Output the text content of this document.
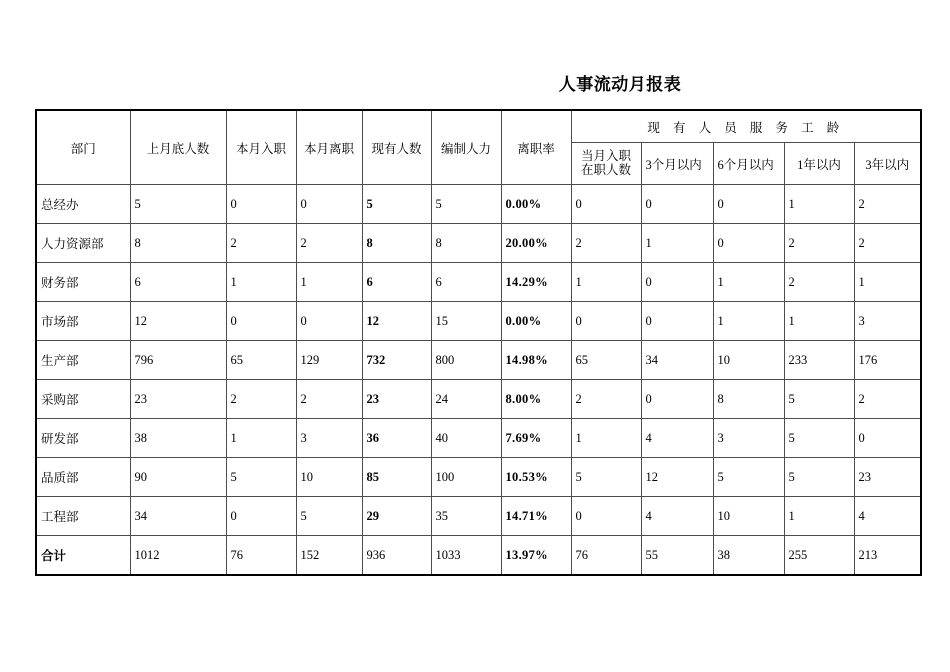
人事流动月报表
部门	上月底人数	本月入职	本月离职	现有人数	编制人力	离职率	现 有 人 员 服 务 工 龄				

							当月入职在职人数	3个月以内	6个月以内	1年以内	3年以内
总经办	5	0	0	5	5	0.00%	0	0	0	1	2
人力资源部	8	2	2	8	8	20.00%	2	1	0	2	2
财务部	6	1	1	6	6	14.29%	1	0	1	2	1
市场部	12	0	0	12	15	0.00%	0	0	1	1	3
生产部	796	65	129	732	800	14.98%	65	34	10	233	176
采购部	23	2	2	23	24	8.00%	2	0	8	5	2
研发部	38	1	3	36	40	7.69%	1	4	3	5	0
品质部	90	5	10	85	100	10.53%	5	12	5	5	23
工程部	34	0	5	29	35	14.71%	0	4	10	1	4
合计	1012	76	152	936	1033	13.97%	76	55	38	255	213
